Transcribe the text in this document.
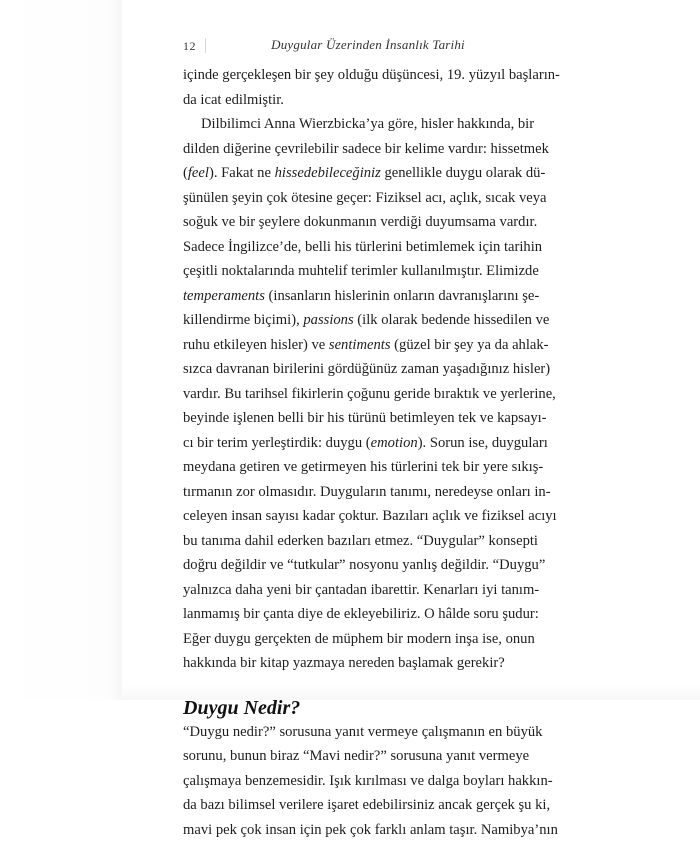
12	Duygular Üzerinden İnsanlık Tarihi

içinde gerçekleşen bir şey olduğu düşüncesi, 19. yüzyıl başların-
da icat edilmiştir.

Dilbilimci Anna Wierzbicka’ya göre, hisler hakkında, bir
dilden diğerine çevrilebilir sadece bir kelime vardır: hissetmek
(feel). Fakat ne hissedebileceğiniz genellikle duygu olarak dü-
şünülen şeyin çok ötesine geçer: Fiziksel acı, açlık, sıcak veya
soğuk ve bir şeylere dokunmanın verdiği duyumsama vardır.
Sadece İngilizce’de, belli his türlerini betimlemek için tarihin
çeşitli noktalarında muhtelif terimler kullanılmıştır. Elimizde
temperaments (insanların hislerinin onların davranışlarını şe-
killendirme biçimi), passions (ilk olarak bedende hissedilen ve
ruhu etkileyen hisler) ve sentiments (güzel bir şey ya da ahlak-
sızca davranan birilerini gördüğünüz zaman yaşadığınız hisler)
vardır. Bu tarihsel fikirlerin çoğunu geride bıraktık ve yerlerine,
beyinde işlenen belli bir his türünü betimleyen tek ve kapsayı-
cı bir terim yerleştirdik: duygu (emotion). Sorun ise, duyguları
meydana getiren ve getirmeyen his türlerini tek bir yere sıkış-
tırmanın zor olmasıdır. Duyguların tanımı, neredeyse onları in-
celeyen insan sayısı kadar çoktur. Bazıları açlık ve fiziksel acıyı
bu tanıma dahil ederken bazıları etmez. “Duygular” konsepti
doğru değildir ve “tutkular” nosyonu yanlış değildir. “Duygu”
yalnızca daha yeni bir çantadan ibarettir. Kenarları iyi tanım-
lanmamış bir çanta diye de ekleyebiliriz. O hâlde soru şudur:
Eğer duygu gerçekten de müphem bir modern inşa ise, onun
hakkında bir kitap yazmaya nereden başlamak gerekir?

Duygu Nedir?

“Duygu nedir?” sorusuna yanıt vermeye çalışmanın en büyük
sorunu, bunun biraz “Mavi nedir?” sorusuna yanıt vermeye
çalışmaya benzemesidir. Işık kırılması ve dalga boyları hakkın-
da bazı bilimsel verilere işaret edebilirsiniz ancak gerçek şu ki,
mavi pek çok insan için pek çok farklı anlam taşır. Namibya’nın
